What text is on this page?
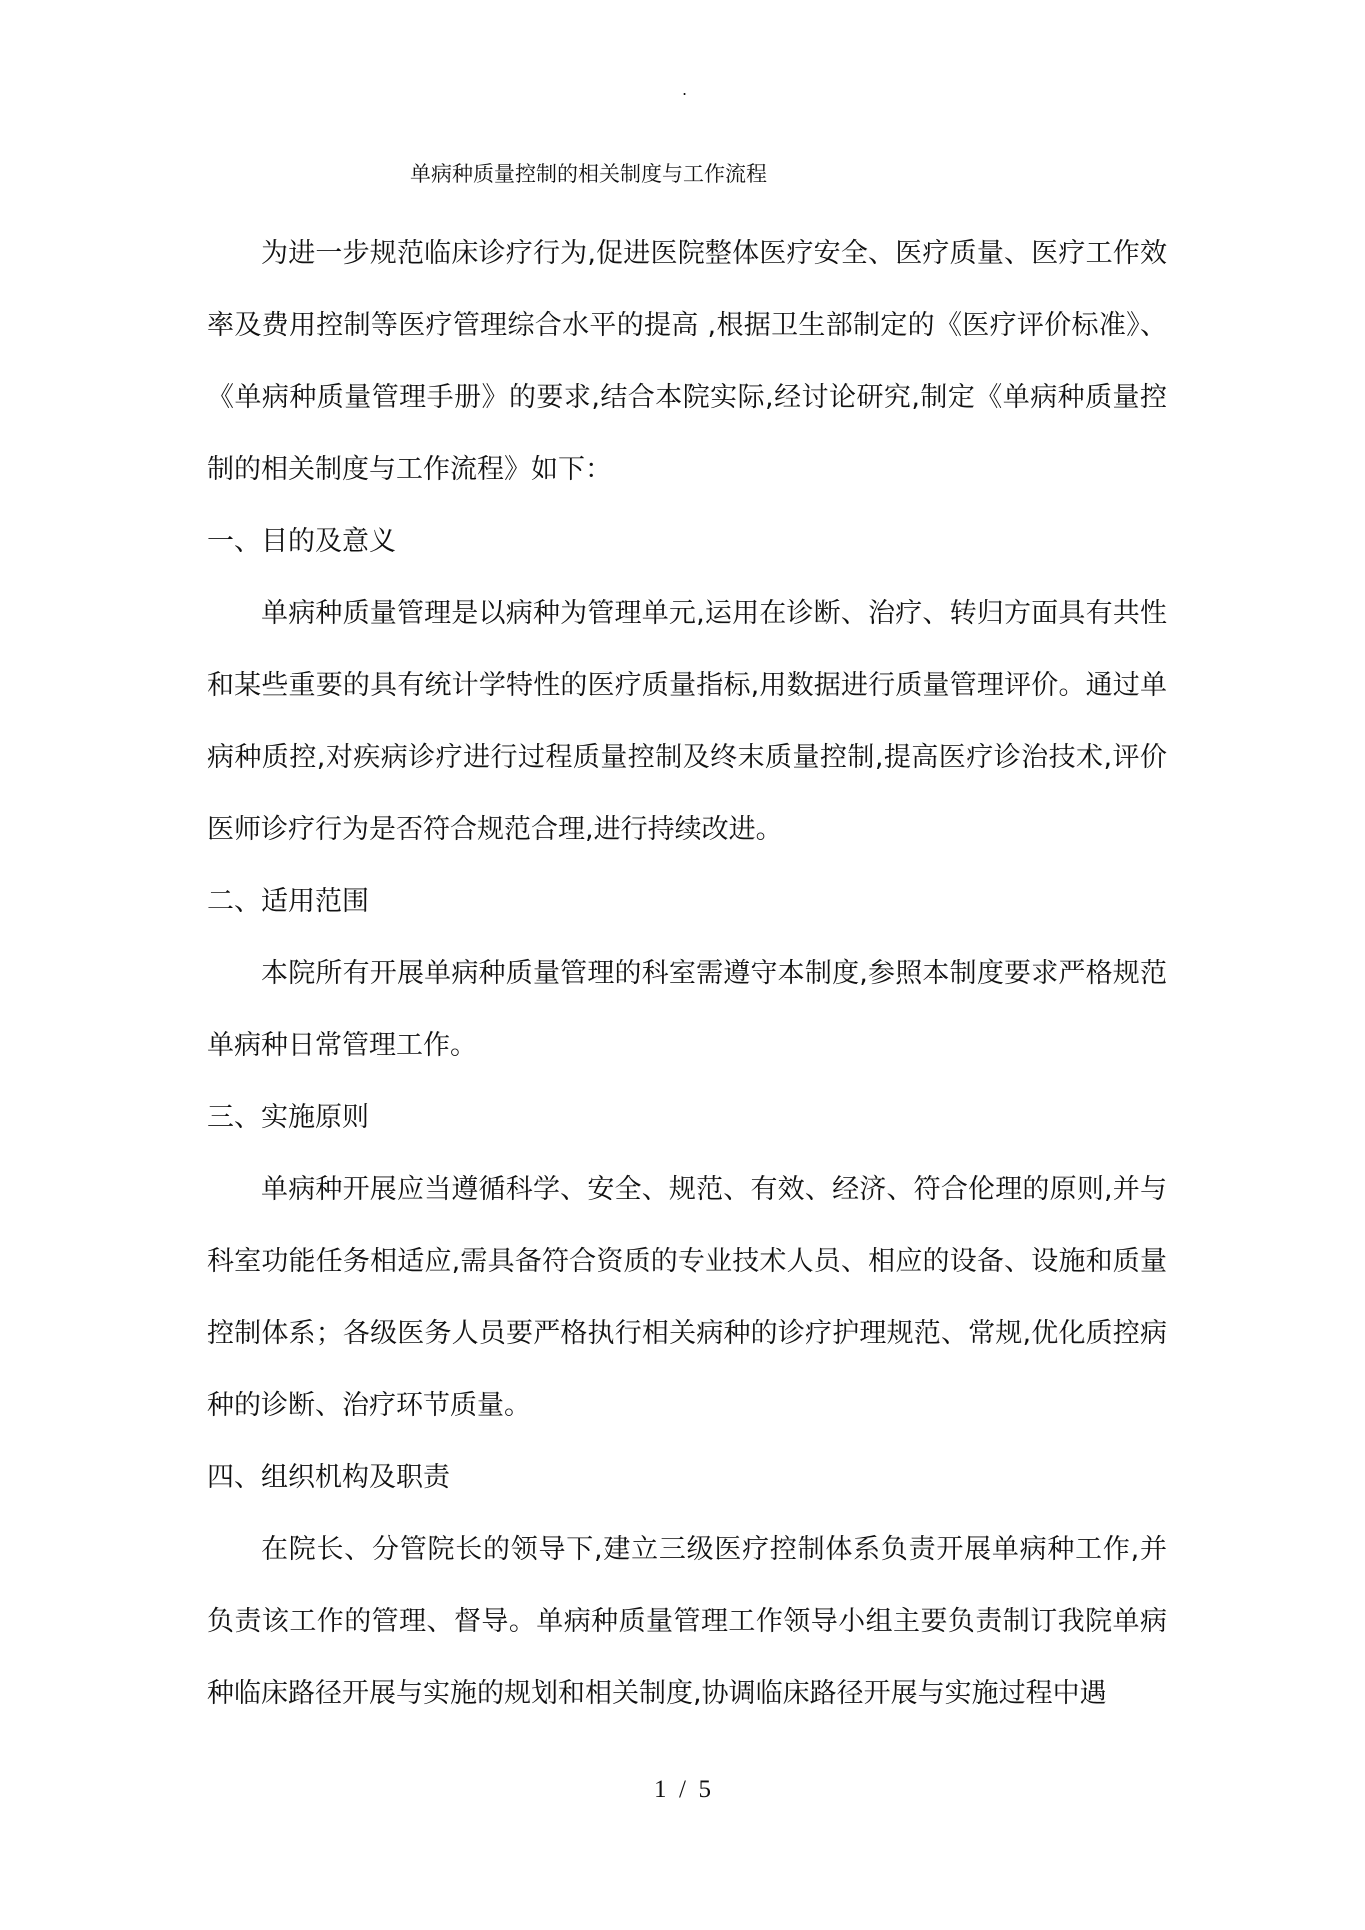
.
单病种质量控制的相关制度与工作流程

为进一步规范临床诊疗行为,促进医院整体医疗安全、医疗质量、医疗工作效率及费用控制等医疗管理综合水平的提高 ,根据卫生部制定的《医疗评价标准》、《单病种质量管理手册》的要求,结合本院实际,经讨论研究,制定《单病种质量控制的相关制度与工作流程》如下：

一、目的及意义

单病种质量管理是以病种为管理单元,运用在诊断、治疗、转归方面具有共性和某些重要的具有统计学特性的医疗质量指标,用数据进行质量管理评价。通过单病种质控,对疾病诊疗进行过程质量控制及终末质量控制,提高医疗诊治技术,评价医师诊疗行为是否符合规范合理,进行持续改进。

二、适用范围

本院所有开展单病种质量管理的科室需遵守本制度,参照本制度要求严格规范单病种日常管理工作。

三、实施原则

单病种开展应当遵循科学、安全、规范、有效、经济、符合伦理的原则,并与科室功能任务相适应,需具备符合资质的专业技术人员、相应的设备、设施和质量控制体系；各级医务人员要严格执行相关病种的诊疗护理规范、常规,优化质控病种的诊断、治疗环节质量。

四、组织机构及职责

在院长、分管院长的领导下,建立三级医疗控制体系负责开展单病种工作,并负责该工作的管理、督导。单病种质量管理工作领导小组主要负责制订我院单病种临床路径开展与实施的规划和相关制度,协调临床路径开展与实施过程中遇

1  /  5
